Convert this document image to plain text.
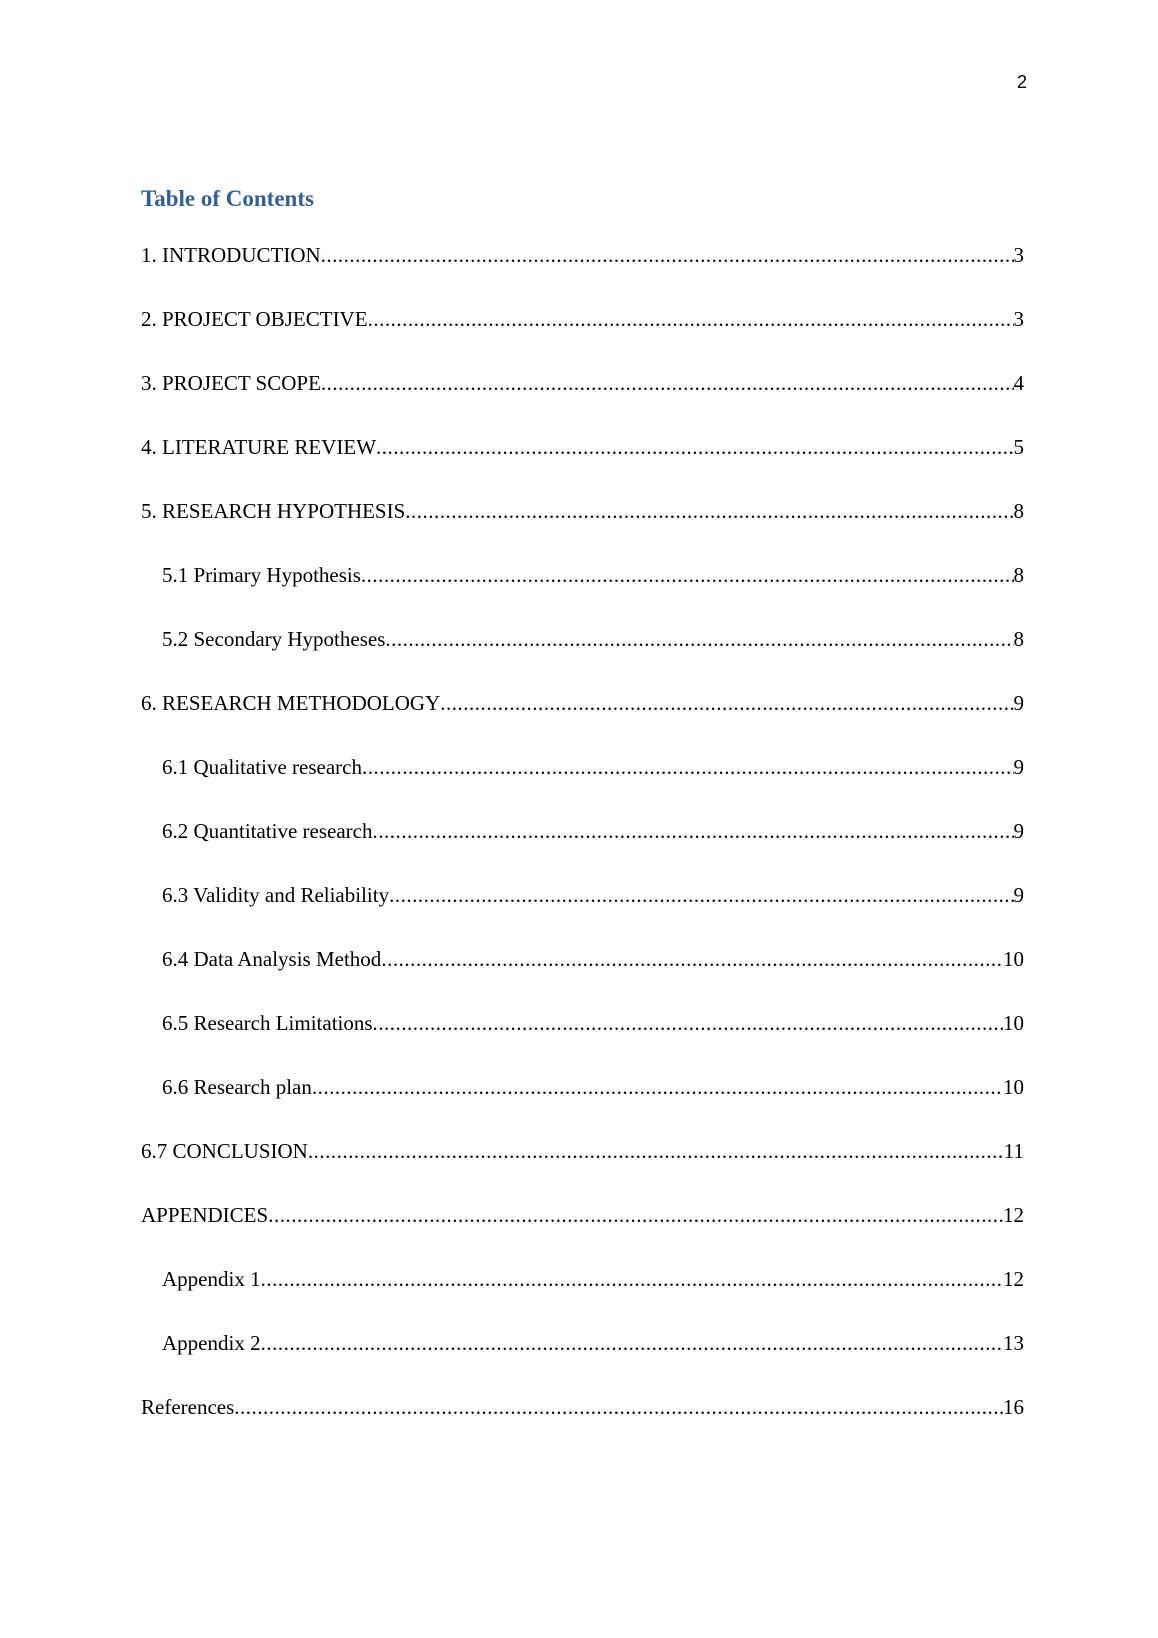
2
Table of Contents
1. INTRODUCTION .....	3
2. PROJECT OBJECTIVE .....	3
3. PROJECT SCOPE .....	4
4. LITERATURE REVIEW .....	5
5. RESEARCH HYPOTHESIS .....	8
5.1 Primary Hypothesis .....	8
5.2 Secondary Hypotheses .....	8
6. RESEARCH METHODOLOGY .....	9
6.1 Qualitative research .....	9
6.2 Quantitative research .....	9
6.3 Validity and Reliability .....	9
6.4 Data Analysis Method .....	10
6.5 Research Limitations .....	10
6.6 Research plan .....	10
6.7 CONCLUSION .....	11
APPENDICES .....	12
Appendix 1 .....	12
Appendix 2 .....	13
References .....	16
